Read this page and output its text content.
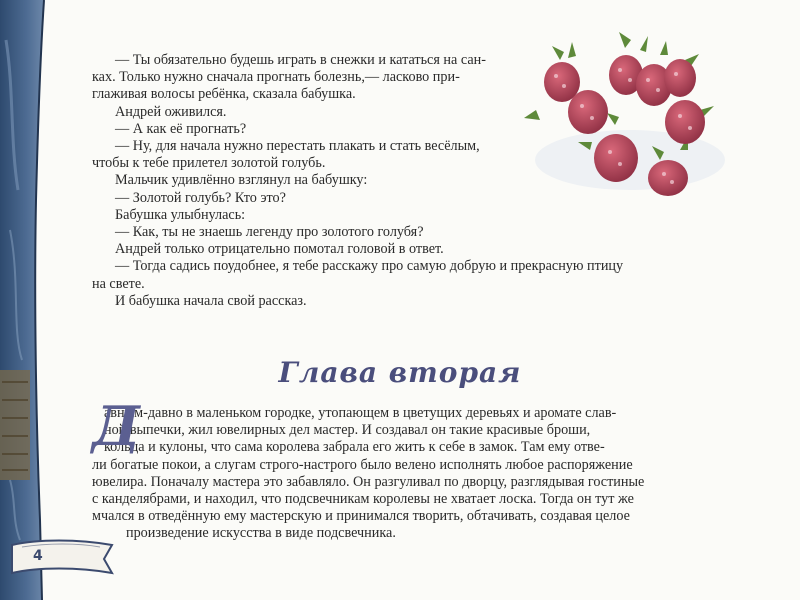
— Ты обязательно будешь играть в снежки и кататься на сан-

ках. Только нужно сначала прогнать болезнь,— ласково при-

глаживая волосы ребёнка, сказала бабушка.

Андрей оживился.

— А как её прогнать?

— Ну, для начала нужно перестать плакать и стать весёлым,

чтобы к тебе прилетел золотой голубь.

Мальчик удивлённо взглянул на бабушку:

— Золотой голубь? Кто это?

Бабушка улыбнулась:

— Как, ты не знаешь легенду про золотого голубя?

Андрей только отрицательно помотал головой в ответ.

— Тогда садись поудобнее, я тебе расскажу про самую добрую и прекрасную птицу

на свете.

И бабушка начала свой рассказ.

Глава вторая
Д

авным-давно в маленьком городке, утопающем в цветущих деревьях и аромате слав-

ной выпечки, жил ювелирных дел мастер. И создавал он такие красивые броши,

кольца и кулоны, что сама королева забрала его жить к себе в замок. Там ему отве-

ли богатые покои, а слугам строго-настрого было велено исполнять любое распоряжение

ювелира. Поначалу мастера это забавляло. Он разгуливал по дворцу, разглядывая гостиные

с канделябрами, и находил, что подсвечникам королевы не хватает лоска. Тогда он тут же

мчался в отведённую ему мастерскую и принимался творить, обтачивать, создавая целое

произведение искусства в виде подсвечника.

4
